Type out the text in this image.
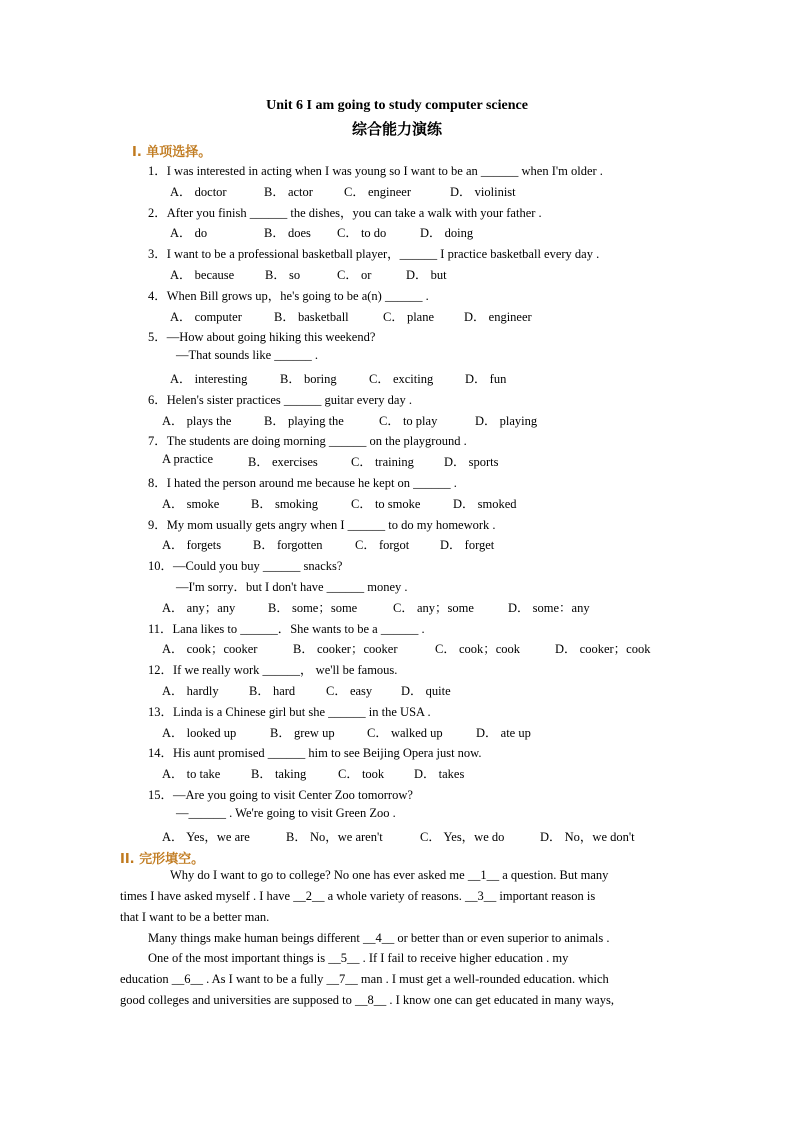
Unit 6 I am going to study computer science
综合能力演练
I. 单项选择。
1．I was interested in acting when I was young so I want to be an ______ when I'm older .
A． doctor	B． actor C． engineer	D． violinist
2．After you finish ______ the dishes，you can take a walk with your father .
A． do	B． does C． to do	D． doing
3．I want to be a professional basketball player，______ I practice basketball every day .
A． because B． so	C． or	D． but
4．When Bill grows up，he's going to be a(n) ______ .
A． computer	B． basketball	C． plane D． engineer
5．—How about going hiking this weekend?
—That sounds like ______ .
A． interesting	B． boring	C． exciting	D． fun
6．Helen's sister practices ______ guitar every day .
A． plays the	B． playing the	C． to play	D． playing
7．The students are doing morning ______ on the playground .
A practice	B． exercises	C． training D． sports
8．I hated the person around me because he kept on ______ .
A． smoke	B． smoking	C． to smoke	D． smoked
9．My mom usually gets angry when I ______ to do my homework .
A． forgets	B． forgotten	C． forgot D． forget
10．—Could you buy ______ snacks?
—I'm sorry．but I don't have ______ money .
A． any；any	B． some；some	C． any；some	D． some：any
11．Lana likes to ______．She wants to be a ______ .
A． cook；cooker	B． cooker；cooker	C． cook；cook	D． cooker；cook
12．If we really work ______， we'll be famous.
A． hardly B． hard C． easy D． quite
13．Linda is a Chinese girl but she ______ in the USA .
A． looked up	B． grew up	C． walked up	D． ate up
14．His aunt promised ______ him to see Beijing Opera just now.
A． to take B． taking	C． took D． takes
15．—Are you going to visit Center Zoo tomorrow?
—______ . We're going to visit Green Zoo .
A． Yes，we are	B． No，we aren't	C． Yes，we do	D． No，we don't
II. 完形填空。
Why do I want to go to college? No one has ever asked me __1__ a question. But many
times I have asked myself . I have __2__ a whole variety of reasons. __3__ important reason is
that I want to be a better man.
Many things make human beings different __4__ or better than or even superior to animals .
One of the most important things is __5__ . If I fail to receive higher education . my
education __6__ . As I want to be a fully __7__ man . I must get a well-rounded education. which
good colleges and universities are supposed to __8__ . I know one can get educated in many ways,
